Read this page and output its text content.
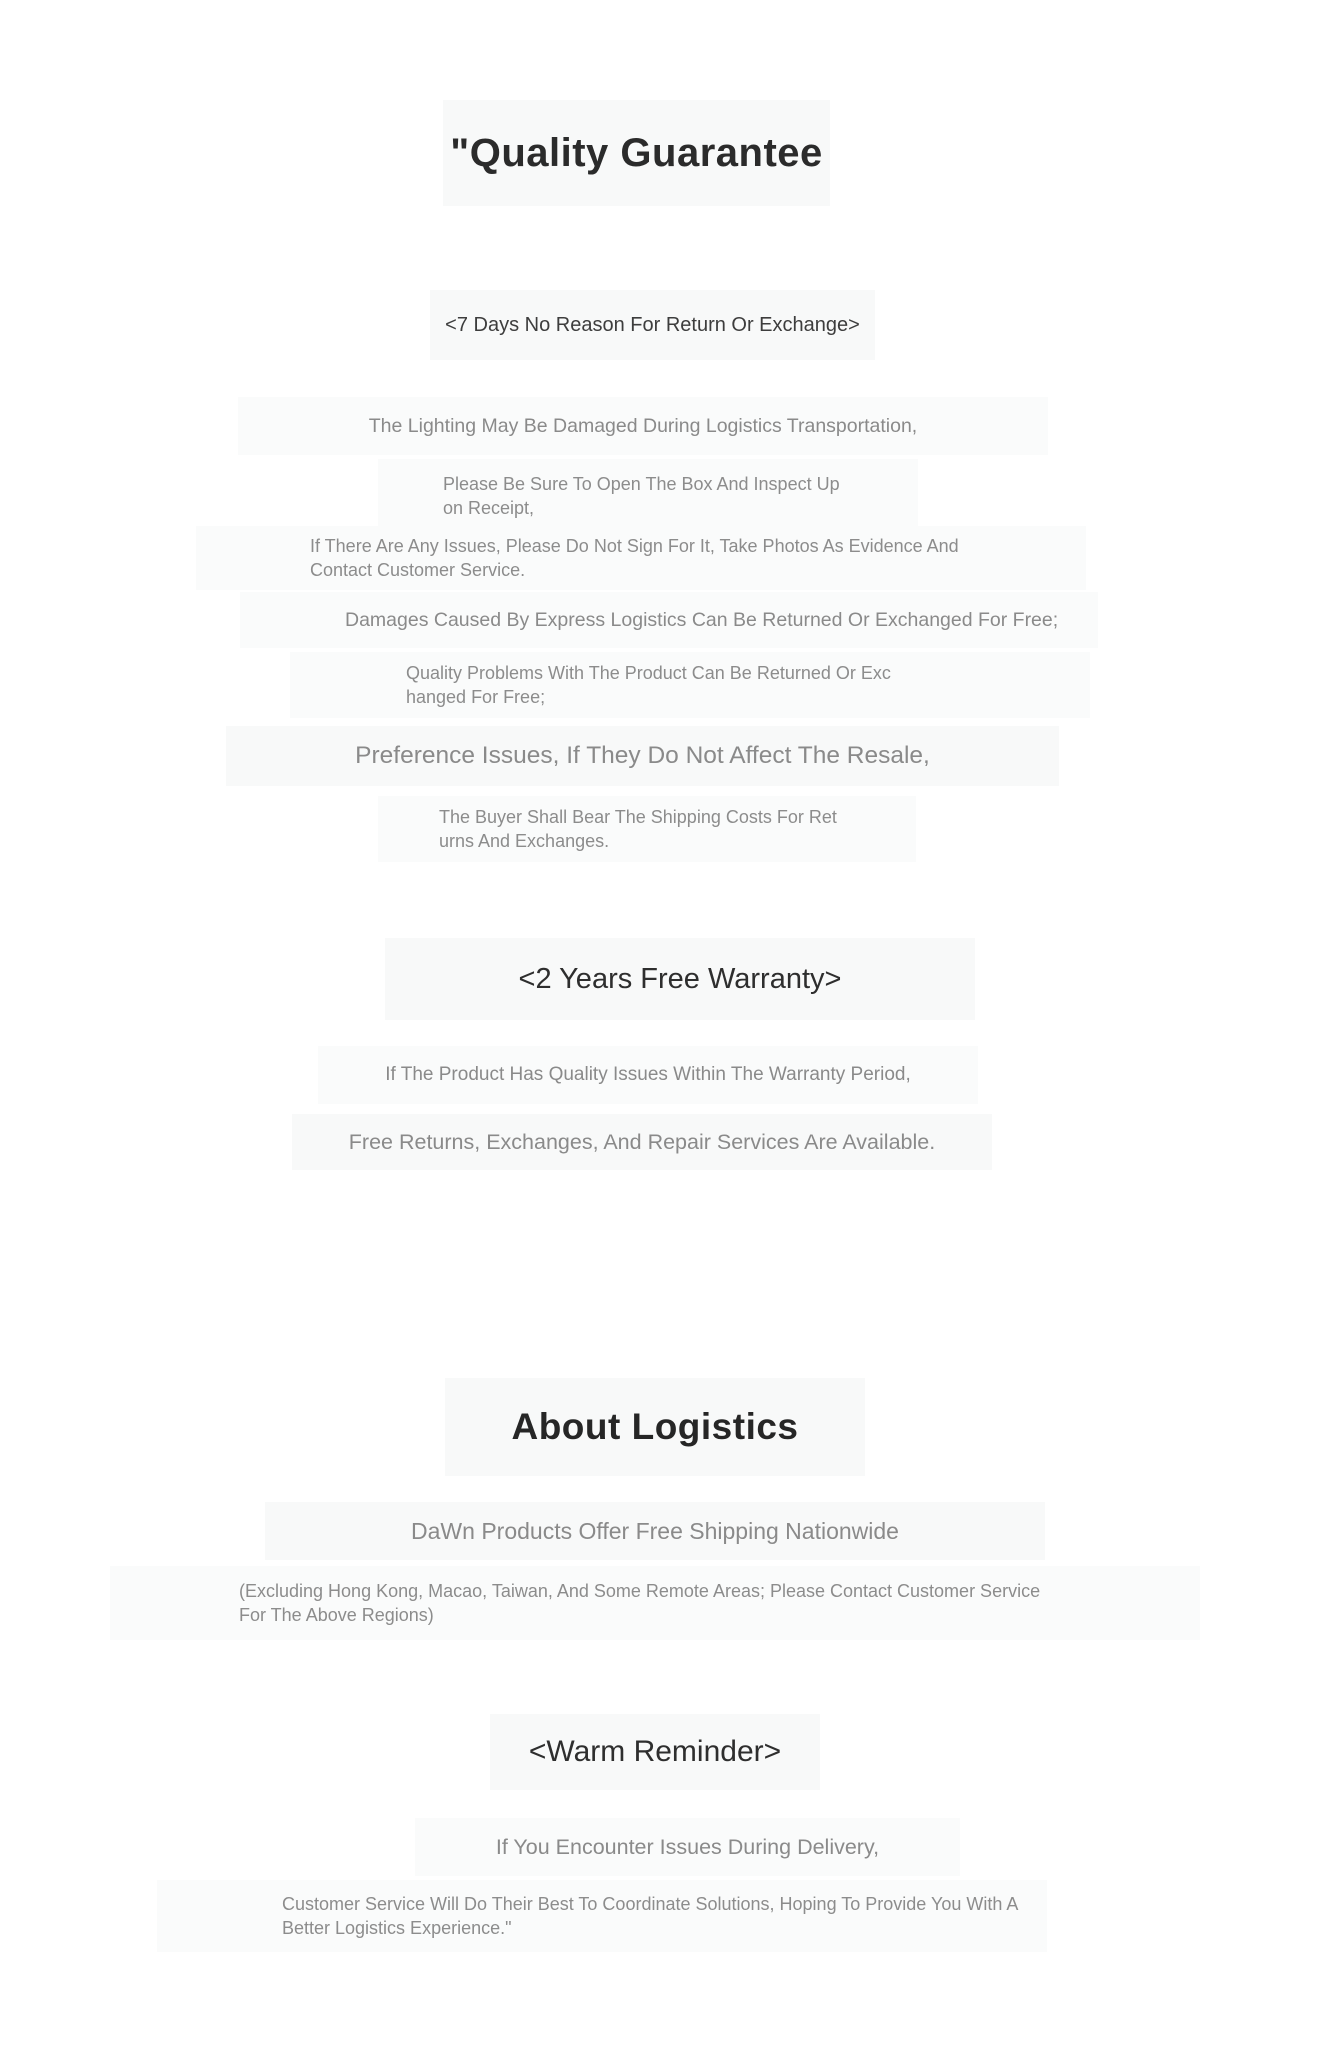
"Quality Guarantee
<7 Days No Reason For Return Or Exchange>
The Lighting May Be Damaged During Logistics Transportation,
Please Be Sure To Open The Box And Inspect Up
on Receipt,
If There Are Any Issues, Please Do Not Sign For It, Take Photos As Evidence And
Contact Customer Service.
Damages Caused By Express Logistics Can Be Returned Or Exchanged For Free;
Quality Problems With The Product Can Be Returned Or Exc
hanged For Free;
Preference Issues, If They Do Not Affect The Resale,
The Buyer Shall Bear The Shipping Costs For Ret
urns And Exchanges.
<2 Years Free Warranty>
If The Product Has Quality Issues Within The Warranty Period,
Free Returns, Exchanges, And Repair Services Are Available.
About Logistics
DaWn Products Offer Free Shipping Nationwide
(Excluding Hong Kong, Macao, Taiwan, And Some Remote Areas; Please Contact Customer Service
For The Above Regions)
<Warm Reminder>
If You Encounter Issues During Delivery,
Customer Service Will Do Their Best To Coordinate Solutions, Hoping To Provide You With A
Better Logistics Experience."
